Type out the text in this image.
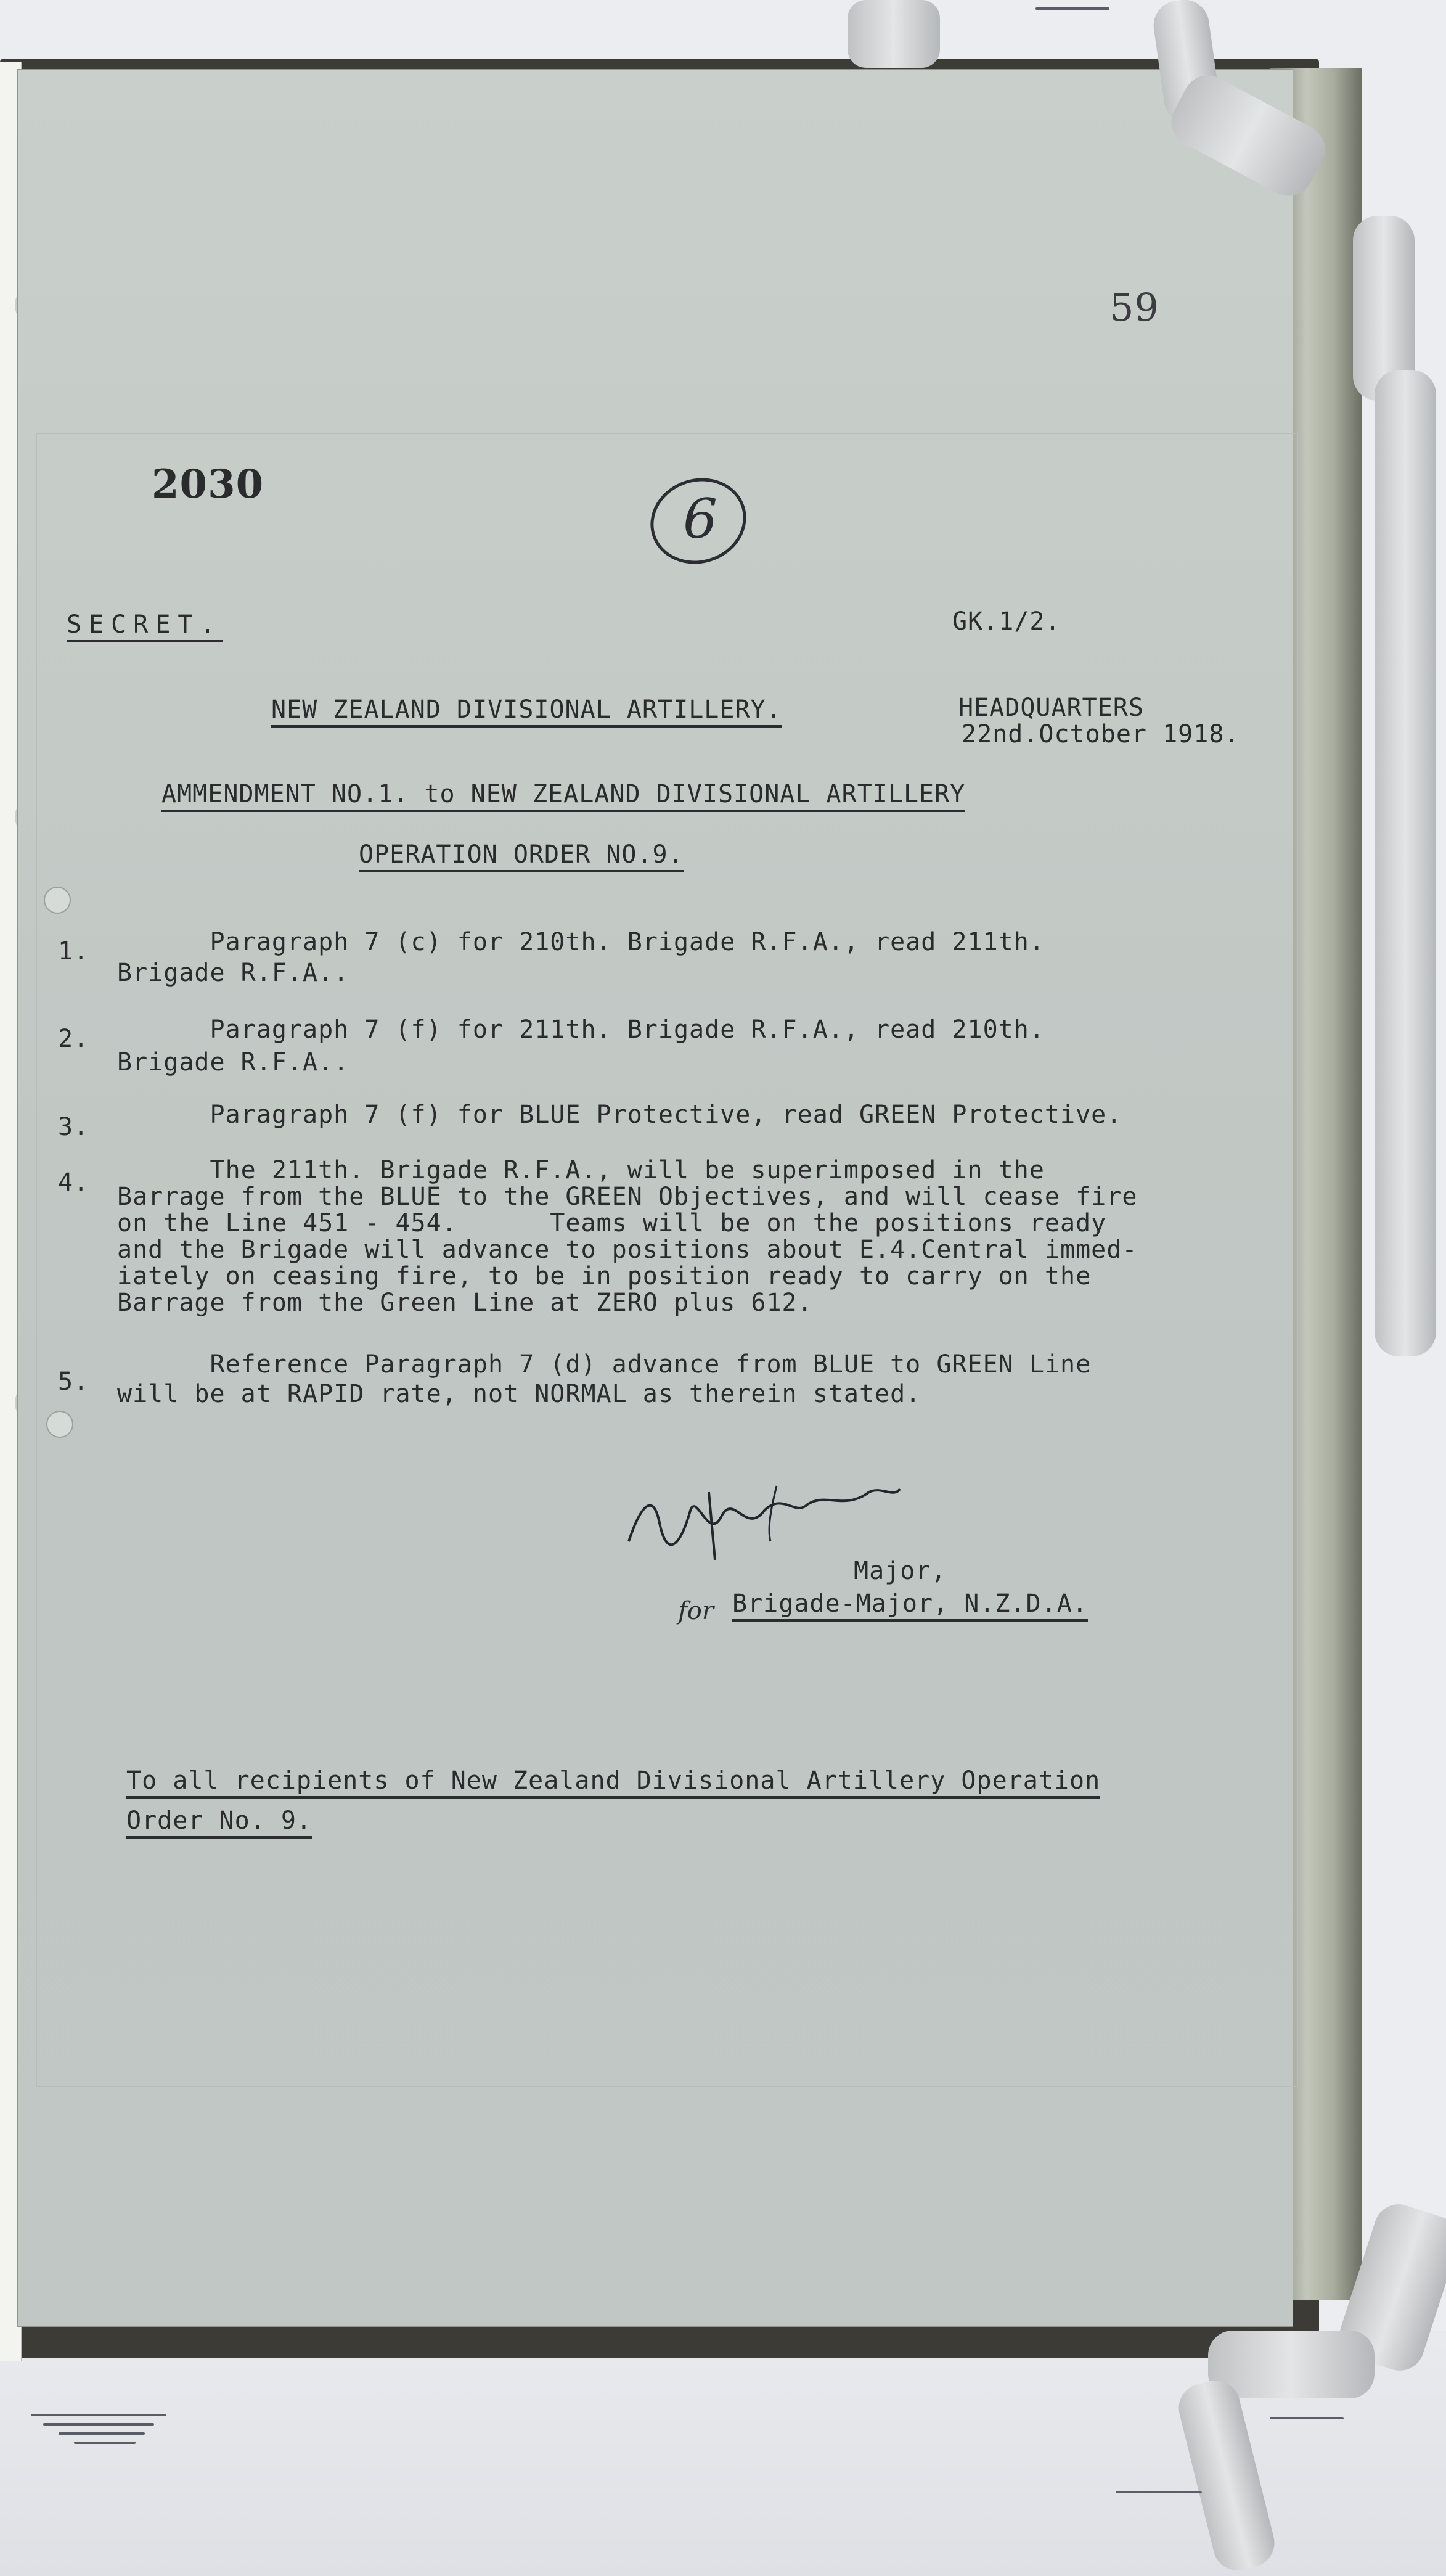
59
2030
6
SECRET.	GK.1/2.
NEW ZEALAND DIVISIONAL ARTILLERY.	HEADQUARTERS
22nd.October 1918.
AMMENDMENT NO.1. to NEW ZEALAND DIVISIONAL ARTILLERY
OPERATION ORDER NO.9.
1.
2.
3.
4.
5.
Paragraph 7 (c) for 210th. Brigade R.F.A., read 211th.
Brigade R.F.A..
Paragraph 7 (f) for 211th. Brigade R.F.A., read 210th.
Brigade R.F.A..
Paragraph 7 (f) for BLUE Protective, read GREEN Protective.
The 211th. Brigade R.F.A., will be superimposed in the
Barrage from the BLUE to the GREEN Objectives, and will cease fire
on the Line 451 - 454.      Teams will be on the positions ready
and the Brigade will advance to positions about E.4.Central immed-
iately on ceasing fire, to be in position ready to carry on the
Barrage from the Green Line at ZERO plus 612.
Reference Paragraph 7 (d) advance from BLUE to GREEN Line
will be at RAPID rate, not NORMAL as therein stated.
Major,
for Brigade-Major, N.Z.D.A.
To all recipients of New Zealand Divisional Artillery Operation
Order No. 9.
